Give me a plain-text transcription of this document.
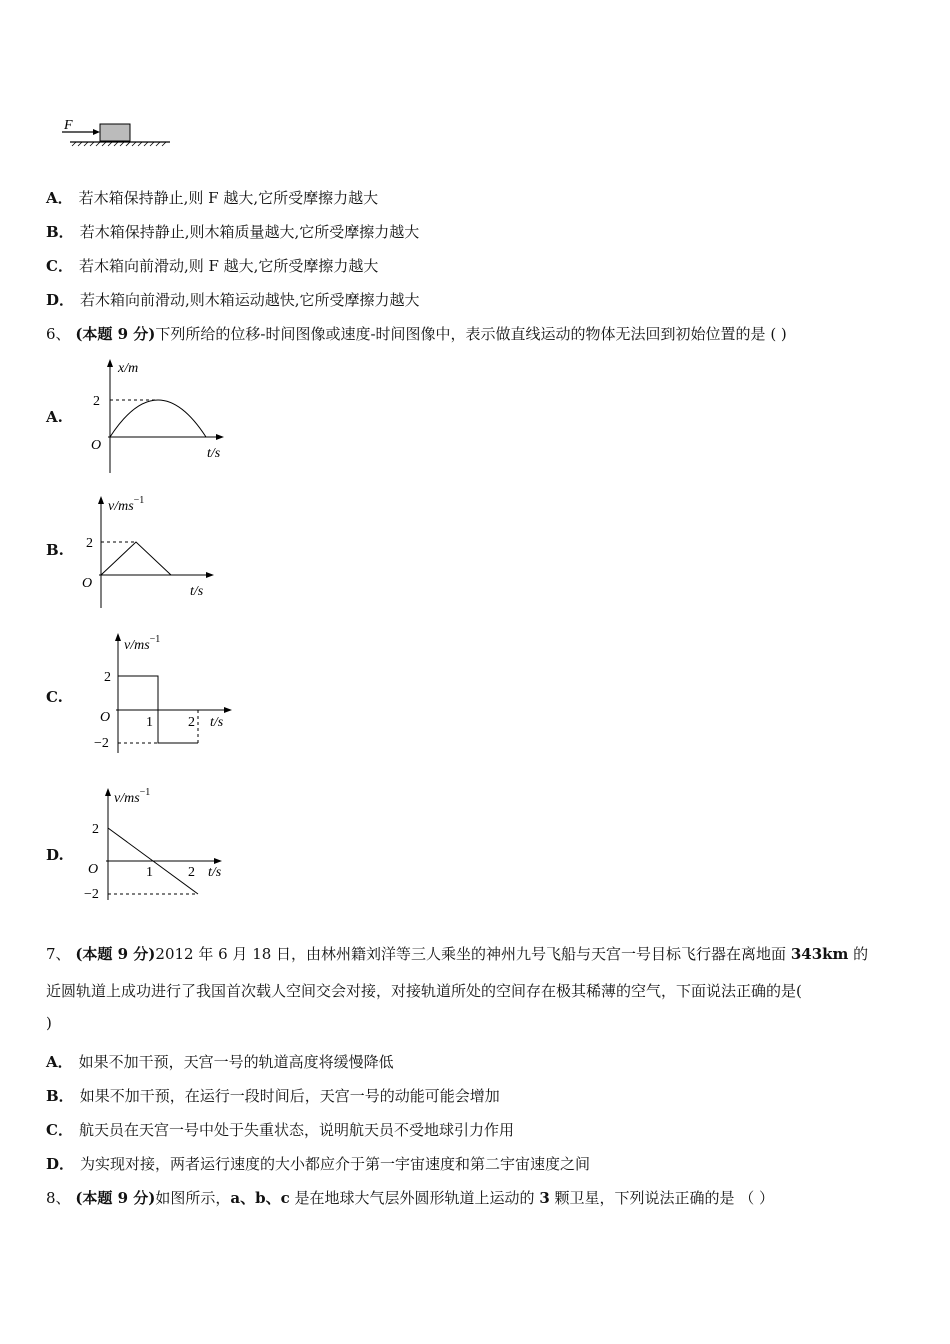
F
A． 若木箱保持静止,则 F 越大,它所受摩擦力越大
B． 若木箱保持静止,则木箱质量越大,它所受摩擦力越大
C． 若木箱向前滑动,则 F 越大,它所受摩擦力越大
D． 若木箱向前滑动,则木箱运动越快,它所受摩擦力越大
6、 (本题 9 分)下列所给的位移-时间图像或速度-时间图像中，表示做直线运动的物体无法回到初始位置的是 ( )
A.
x/m
t/s
O
2
B.
$v/ms^{-1}$
t/s
O
2
C.
$v/ms^{-1}$
t/s
O
2
−2
1	2
D.
$v/ms^{-1}$
t/s
O
2
−2
1	2
7、 (本题 9 分)2012 年 6 月 18 日，由林州籍刘洋等三人乘坐的神州九号飞船与天宫一号目标飞行器在离地面 343km 的
近圆轨道上成功进行了我国首次载人空间交会对接，对接轨道所处的空间存在极其稀薄的空气，下面说法正确的是(
)
A． 如果不加干预，天宫一号的轨道高度将缓慢降低
B． 如果不加干预，在运行一段时间后，天宫一号的动能可能会增加
C． 航天员在天宫一号中处于失重状态，说明航天员不受地球引力作用
D． 为实现对接，两者运行速度的大小都应介于第一宇宙速度和第二宇宙速度之间
8、 (本题 9 分)如图所示，a、b、c 是在地球大气层外圆形轨道上运动的 3 颗卫星，下列说法正确的是 （ ）
